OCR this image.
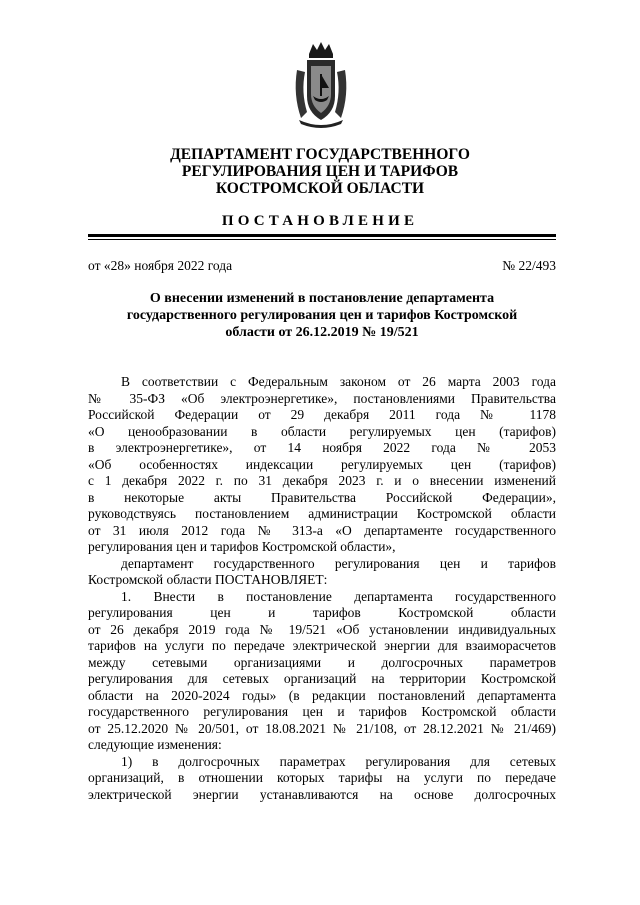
ДЕПАРТАМЕНТ ГОСУДАРСТВЕННОГО
РЕГУЛИРОВАНИЯ ЦЕН И ТАРИФОВ
КОСТРОМСКОЙ ОБЛАСТИ
ПОСТАНОВЛЕНИЕ
от «28» ноября 2022 года	№ 22/493
О внесении изменений в постановление департамента
государственного регулирования цен и тарифов Костромской
области от 26.12.2019 № 19/521

В соответствии с Федеральным законом от 26 марта 2003 года

№ 35-ФЗ «Об электроэнергетике», постановлениями Правительства

Российской Федерации от 29 декабря 2011 года № 1178

«О ценообразовании в области регулируемых цен (тарифов)

в электроэнергетике», от 14 ноября 2022 года № 2053

«Об особенностях индексации регулируемых цен (тарифов)

с 1 декабря 2022 г. по 31 декабря 2023 г. и о внесении изменений

в некоторые акты Правительства Российской Федерации»,

руководствуясь постановлением администрации Костромской области

от 31 июля 2012 года № 313-а «О департаменте государственного

регулирования цен и тарифов Костромской области»,

департамент государственного регулирования цен и тарифов

Костромской области ПОСТАНОВЛЯЕТ:

1. Внести в постановление департамента государственного

регулирования цен и тарифов Костромской области

от 26 декабря 2019 года № 19/521 «Об установлении индивидуальных

тарифов на услуги по передаче электрической энергии для взаиморасчетов

между сетевыми организациями и долгосрочных параметров

регулирования для сетевых организаций на территории Костромской

области на 2020-2024 годы» (в редакции постановлений департамента

государственного регулирования цен и тарифов Костромской области

от 25.12.2020 № 20/501, от 18.08.2021 № 21/108, от 28.12.2021 № 21/469)

следующие изменения:

1) в долгосрочных параметрах регулирования для сетевых

организаций, в отношении которых тарифы на услуги по передаче

электрической энергии устанавливаются на основе долгосрочных
